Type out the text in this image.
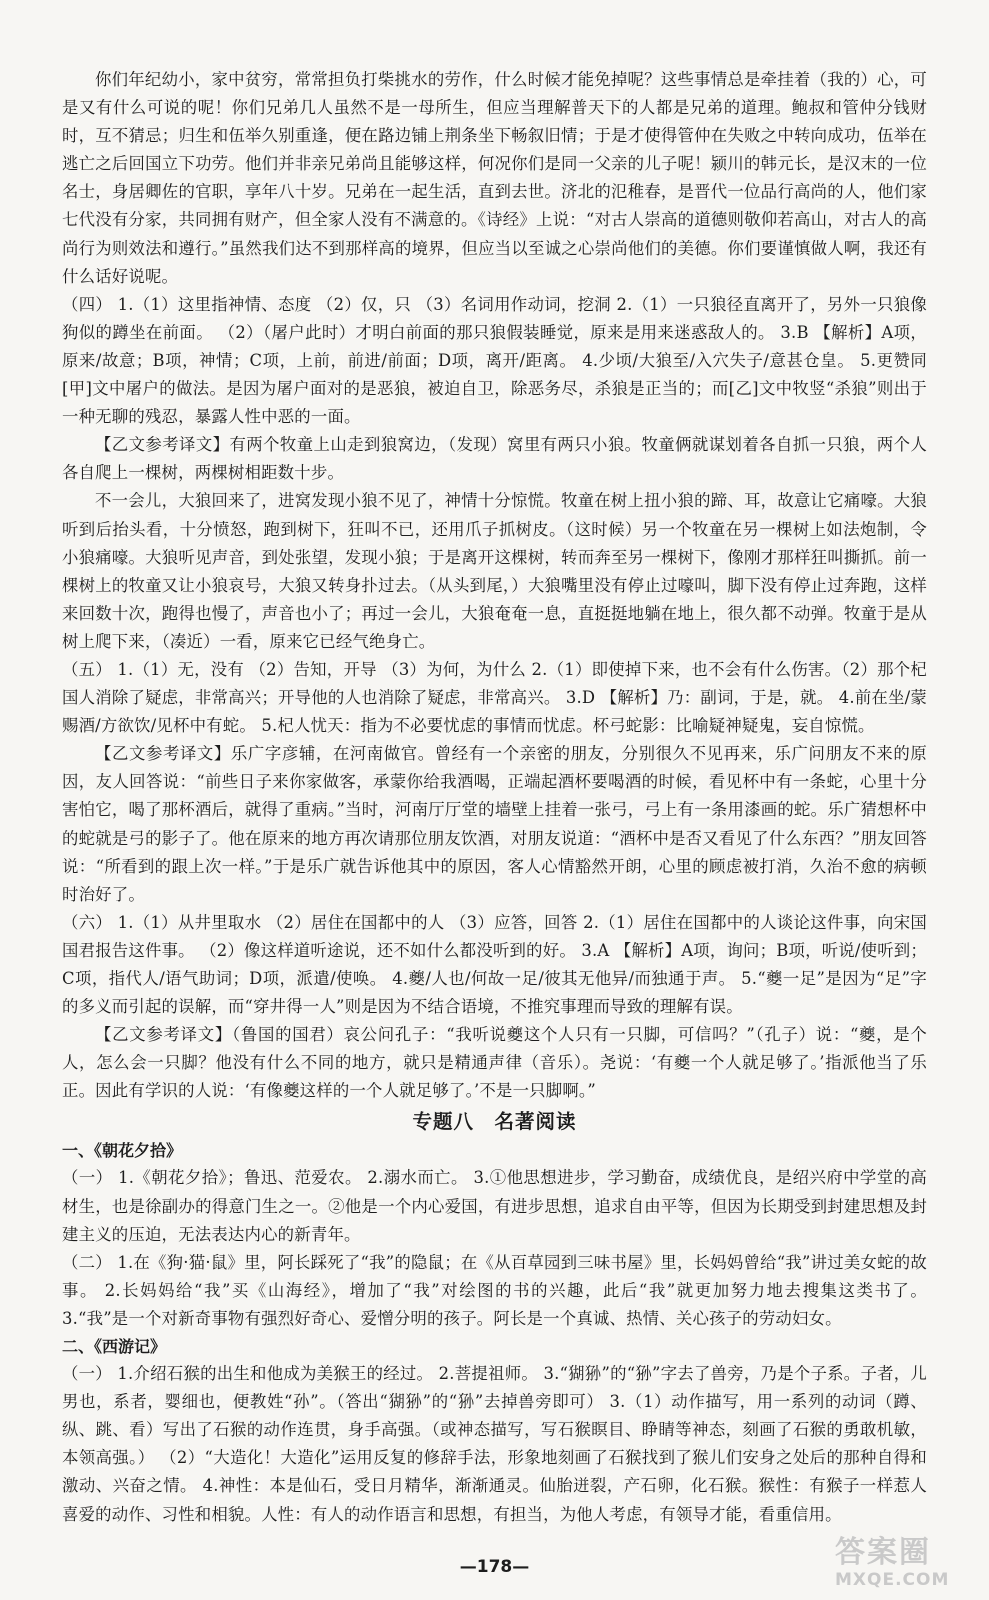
你们年纪幼小，家中贫穷，常常担负打柴挑水的劳作，什么时候才能免掉呢？这些事情总是牵挂着（我的）心，可是又有什么可说的呢！你们兄弟几人虽然不是一母所生，但应当理解普天下的人都是兄弟的道理。鲍叔和管仲分钱财时，互不猜忌；归生和伍举久别重逢，便在路边铺上荆条坐下畅叙旧情；于是才使得管仲在失败之中转向成功，伍举在逃亡之后回国立下功劳。他们并非亲兄弟尚且能够这样，何况你们是同一父亲的儿子呢！颍川的韩元长，是汉末的一位名士，身居卿佐的官职，享年八十岁。兄弟在一起生活，直到去世。济北的氾稚春，是晋代一位品行高尚的人，他们家七代没有分家，共同拥有财产，但全家人没有不满意的。《诗经》上说：“对古人崇高的道德则敬仰若高山，对古人的高尚行为则效法和遵行。”虽然我们达不到那样高的境界，但应当以至诚之心崇尚他们的美德。你们要谨慎做人啊，我还有什么话好说呢。

（四） 1.（1）这里指神情、态度 （2）仅，只 （3）名词用作动词，挖洞 2.（1）一只狼径直离开了，另外一只狼像狗似的蹲坐在前面。 （2）（屠户此时）才明白前面的那只狼假装睡觉，原来是用来迷惑敌人的。 3.B 【解析】A项，原来/故意；B项，神情；C项，上前，前进/前面；D项，离开/距离。 4.少顷/大狼至/入穴失子/意甚仓皇。 5.更赞同[甲]文中屠户的做法。是因为屠户面对的是恶狼，被迫自卫，除恶务尽，杀狼是正当的；而[乙]文中牧竖“杀狼”则出于一种无聊的残忍，暴露人性中恶的一面。

【乙文参考译文】有两个牧童上山走到狼窝边，（发现）窝里有两只小狼。牧童俩就谋划着各自抓一只狼，两个人各自爬上一棵树，两棵树相距数十步。

不一会儿，大狼回来了，进窝发现小狼不见了，神情十分惊慌。牧童在树上扭小狼的蹄、耳，故意让它痛嚎。大狼听到后抬头看，十分愤怒，跑到树下，狂叫不已，还用爪子抓树皮。（这时候）另一个牧童在另一棵树上如法炮制，令小狼痛嚎。大狼听见声音，到处张望，发现小狼；于是离开这棵树，转而奔至另一棵树下，像刚才那样狂叫撕抓。前一棵树上的牧童又让小狼哀号，大狼又转身扑过去。（从头到尾，）大狼嘴里没有停止过嚎叫，脚下没有停止过奔跑，这样来回数十次，跑得也慢了，声音也小了；再过一会儿，大狼奄奄一息，直挺挺地躺在地上，很久都不动弹。牧童于是从树上爬下来，（凑近）一看，原来它已经气绝身亡。

（五） 1.（1）无，没有 （2）告知，开导 （3）为何，为什么 2.（1）即使掉下来，也不会有什么伤害。（2）那个杞国人消除了疑虑，非常高兴；开导他的人也消除了疑虑，非常高兴。 3.D 【解析】乃：副词，于是，就。 4.前在坐/蒙赐酒/方欲饮/见杯中有蛇。 5.杞人忧天：指为不必要忧虑的事情而忧虑。杯弓蛇影：比喻疑神疑鬼，妄自惊慌。

【乙文参考译文】乐广字彦辅，在河南做官。曾经有一个亲密的朋友，分别很久不见再来，乐广问朋友不来的原因，友人回答说：“前些日子来你家做客，承蒙你给我酒喝，正端起酒杯要喝酒的时候，看见杯中有一条蛇，心里十分害怕它，喝了那杯酒后，就得了重病。”当时，河南厅厅堂的墙壁上挂着一张弓，弓上有一条用漆画的蛇。乐广猜想杯中的蛇就是弓的影子了。他在原来的地方再次请那位朋友饮酒，对朋友说道：“酒杯中是否又看见了什么东西？”朋友回答说：“所看到的跟上次一样。”于是乐广就告诉他其中的原因，客人心情豁然开朗，心里的顾虑被打消，久治不愈的病顿时治好了。

（六） 1.（1）从井里取水 （2）居住在国都中的人 （3）应答，回答 2.（1）居住在国都中的人谈论这件事，向宋国国君报告这件事。 （2）像这样道听途说，还不如什么都没听到的好。 3.A 【解析】A项，询问；B项，听说/使听到；C项，指代人/语气助词；D项，派遣/使唤。 4.夔/人也/何故一足/彼其无他异/而独通于声。 5.“夔一足”是因为“足”字的多义而引起的误解，而“穿井得一人”则是因为不结合语境，不推究事理而导致的理解有误。

【乙文参考译文】（鲁国的国君）哀公问孔子：“我听说夔这个人只有一只脚，可信吗？”（孔子）说：“夔，是个人，怎么会一只脚？他没有什么不同的地方，就只是精通声律（音乐）。尧说：‘有夔一个人就足够了。’指派他当了乐正。因此有学识的人说：‘有像夔这样的一个人就足够了。’不是一只脚啊。”

专题八　名著阅读
一、《朝花夕拾》

（一） 1.《朝花夕拾》；鲁迅、范爱农。 2.溺水而亡。 3.①他思想进步，学习勤奋，成绩优良，是绍兴府中学堂的高材生，也是徐副办的得意门生之一。②他是一个内心爱国，有进步思想，追求自由平等，但因为长期受到封建思想及封建主义的压迫，无法表达内心的新青年。

（二） 1.在《狗·猫·鼠》里，阿长踩死了“我”的隐鼠；在《从百草园到三味书屋》里，长妈妈曾给“我”讲过美女蛇的故事。 2.长妈妈给“我”买《山海经》，增加了“我”对绘图的书的兴趣，此后“我”就更加努力地去搜集这类书了。 3.“我”是一个对新奇事物有强烈好奇心、爱憎分明的孩子。阿长是一个真诚、热情、关心孩子的劳动妇女。

二、《西游记》

（一） 1.介绍石猴的出生和他成为美猴王的经过。 2.菩提祖师。 3.“猢狲”的“狲”字去了兽旁，乃是个子系。子者，儿男也，系者，婴细也，便教姓“孙”。（答出“猢狲”的“狲”去掉兽旁即可） 3.（1）动作描写，用一系列的动词（蹲、纵、跳、看）写出了石猴的动作连贯，身手高强。（或神态描写，写石猴瞑目、睁睛等神态，刻画了石猴的勇敢机敏，本领高强。） （2）“大造化！大造化”运用反复的修辞手法，形象地刻画了石猴找到了猴儿们安身之处后的那种自得和激动、兴奋之情。 4.神性：本是仙石，受日月精华，渐渐通灵。仙胎迸裂，产石卵，化石猴。猴性：有猴子一样惹人喜爱的动作、习性和相貌。人性：有人的动作语言和思想，有担当，为他人考虑，有领导才能，看重信用。

—178—	答案圈
MXQE.COM
